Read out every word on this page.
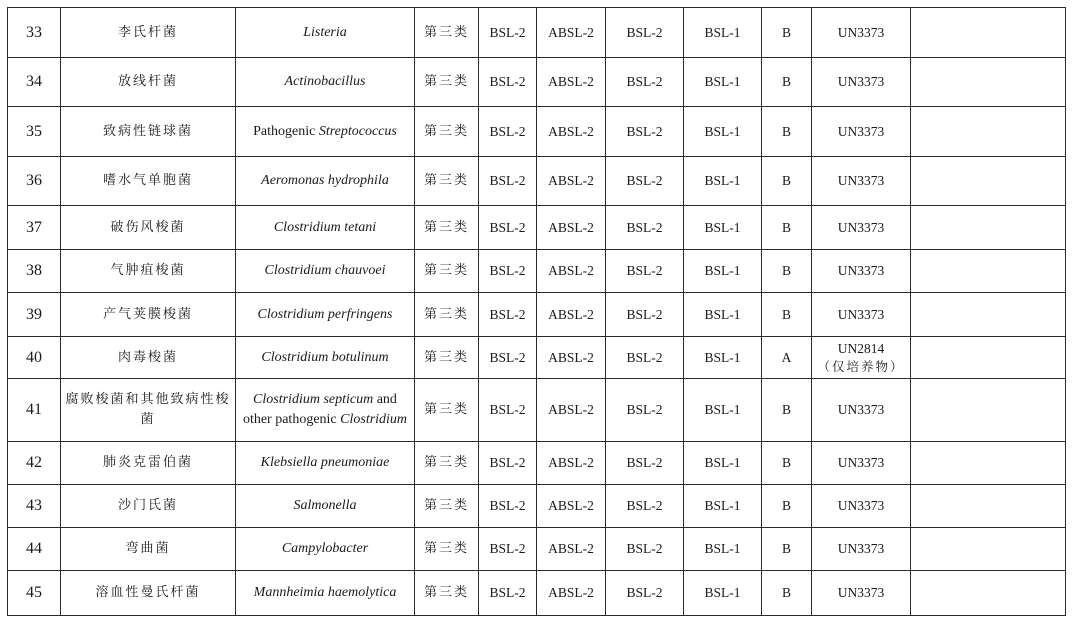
33	李氏杆菌	Listeria	第三类	BSL-2	ABSL-2	BSL-2	BSL-1	B	UN3373	
34	放线杆菌	Actinobacillus	第三类	BSL-2	ABSL-2	BSL-2	BSL-1	B	UN3373	
35	致病性链球菌	Pathogenic Streptococcus	第三类	BSL-2	ABSL-2	BSL-2	BSL-1	B	UN3373	
36	嗜水气单胞菌	Aeromonas hydrophila	第三类	BSL-2	ABSL-2	BSL-2	BSL-1	B	UN3373	
37	破伤风梭菌	Clostridium tetani	第三类	BSL-2	ABSL-2	BSL-2	BSL-1	B	UN3373	
38	气肿疽梭菌	Clostridium chauvoei	第三类	BSL-2	ABSL-2	BSL-2	BSL-1	B	UN3373	
39	产气荚膜梭菌	Clostridium perfringens	第三类	BSL-2	ABSL-2	BSL-2	BSL-1	B	UN3373	
40	肉毒梭菌	Clostridium botulinum	第三类	BSL-2	ABSL-2	BSL-2	BSL-1	A	UN2814
（仅培养物）	

41	腐败梭菌和其他致病性梭菌	Clostridium septicum and other pathogenic Clostridium	第三类	BSL-2	ABSL-2	BSL-2	BSL-1	B	UN3373	
42	肺炎克雷伯菌	Klebsiella pneumoniae	第三类	BSL-2	ABSL-2	BSL-2	BSL-1	B	UN3373	
43	沙门氏菌	Salmonella	第三类	BSL-2	ABSL-2	BSL-2	BSL-1	B	UN3373	
44	弯曲菌	Campylobacter	第三类	BSL-2	ABSL-2	BSL-2	BSL-1	B	UN3373	
45	溶血性曼氏杆菌	Mannheimia haemolytica	第三类	BSL-2	ABSL-2	BSL-2	BSL-1	B	UN3373	
